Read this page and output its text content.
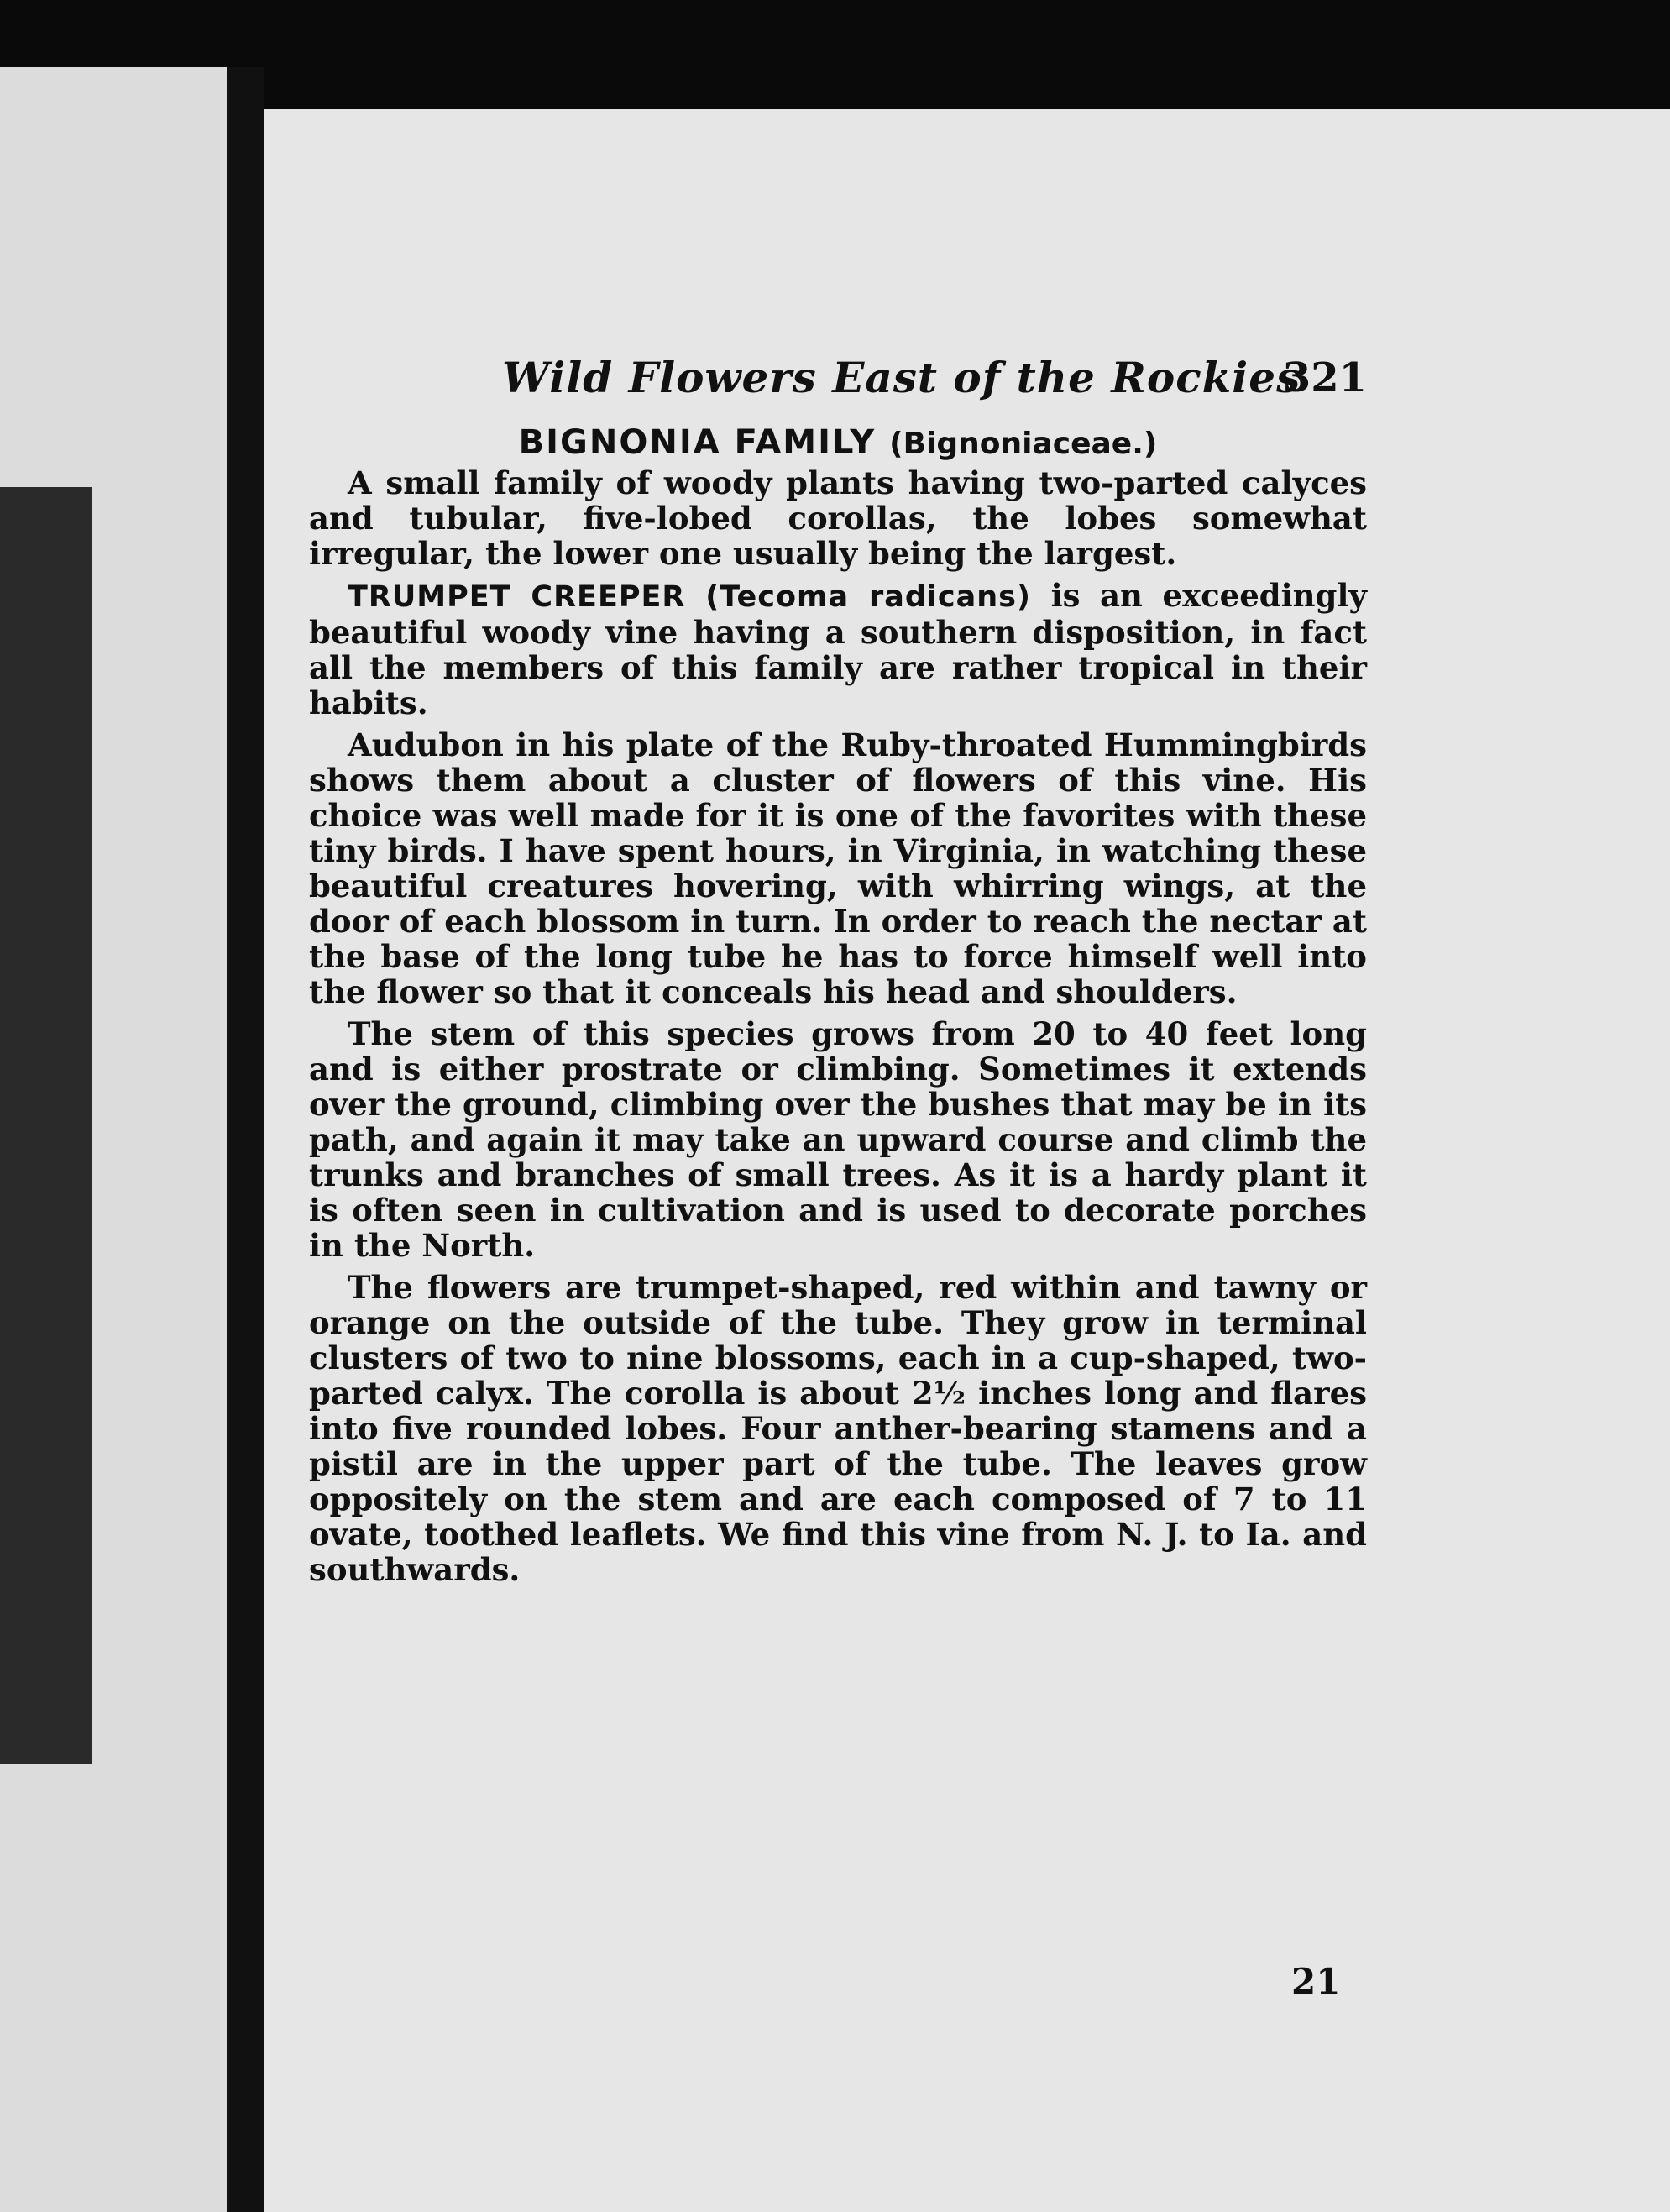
Wild Flowers East of the Rockies
321
BIGNONIA FAMILY (Bignoniaceae.)

A small family of woody plants having two-parted calyces and tubular, five-lobed corollas, the lobes somewhat irregular, the lower one usually being the largest.

TRUMPET CREEPER (Tecoma radicans) is an exceedingly beautiful woody vine having a southern disposition, in fact all the members of this family are rather tropical in their habits.

Audubon in his plate of the Ruby-throated Hummingbirds shows them about a cluster of flowers of this vine. His choice was well made for it is one of the favorites with these tiny birds. I have spent hours, in Virginia, in watching these beautiful creatures hovering, with whirring wings, at the door of each blossom in turn. In order to reach the nectar at the base of the long tube he has to force himself well into the flower so that it conceals his head and shoulders.

The stem of this species grows from 20 to 40 feet long and is either prostrate or climbing. Sometimes it extends over the ground, climbing over the bushes that may be in its path, and again it may take an upward course and climb the trunks and branches of small trees. As it is a hardy plant it is often seen in cultivation and is used to decorate porches in the North.

The flowers are trumpet-shaped, red within and tawny or orange on the outside of the tube. They grow in terminal clusters of two to nine blossoms, each in a cup-shaped, two-parted calyx. The corolla is about 2½ inches long and flares into five rounded lobes. Four anther-bearing stamens and a pistil are in the upper part of the tube. The leaves grow oppositely on the stem and are each composed of 7 to 11 ovate, toothed leaflets. We find this vine from N. J. to Ia. and southwards.

21
